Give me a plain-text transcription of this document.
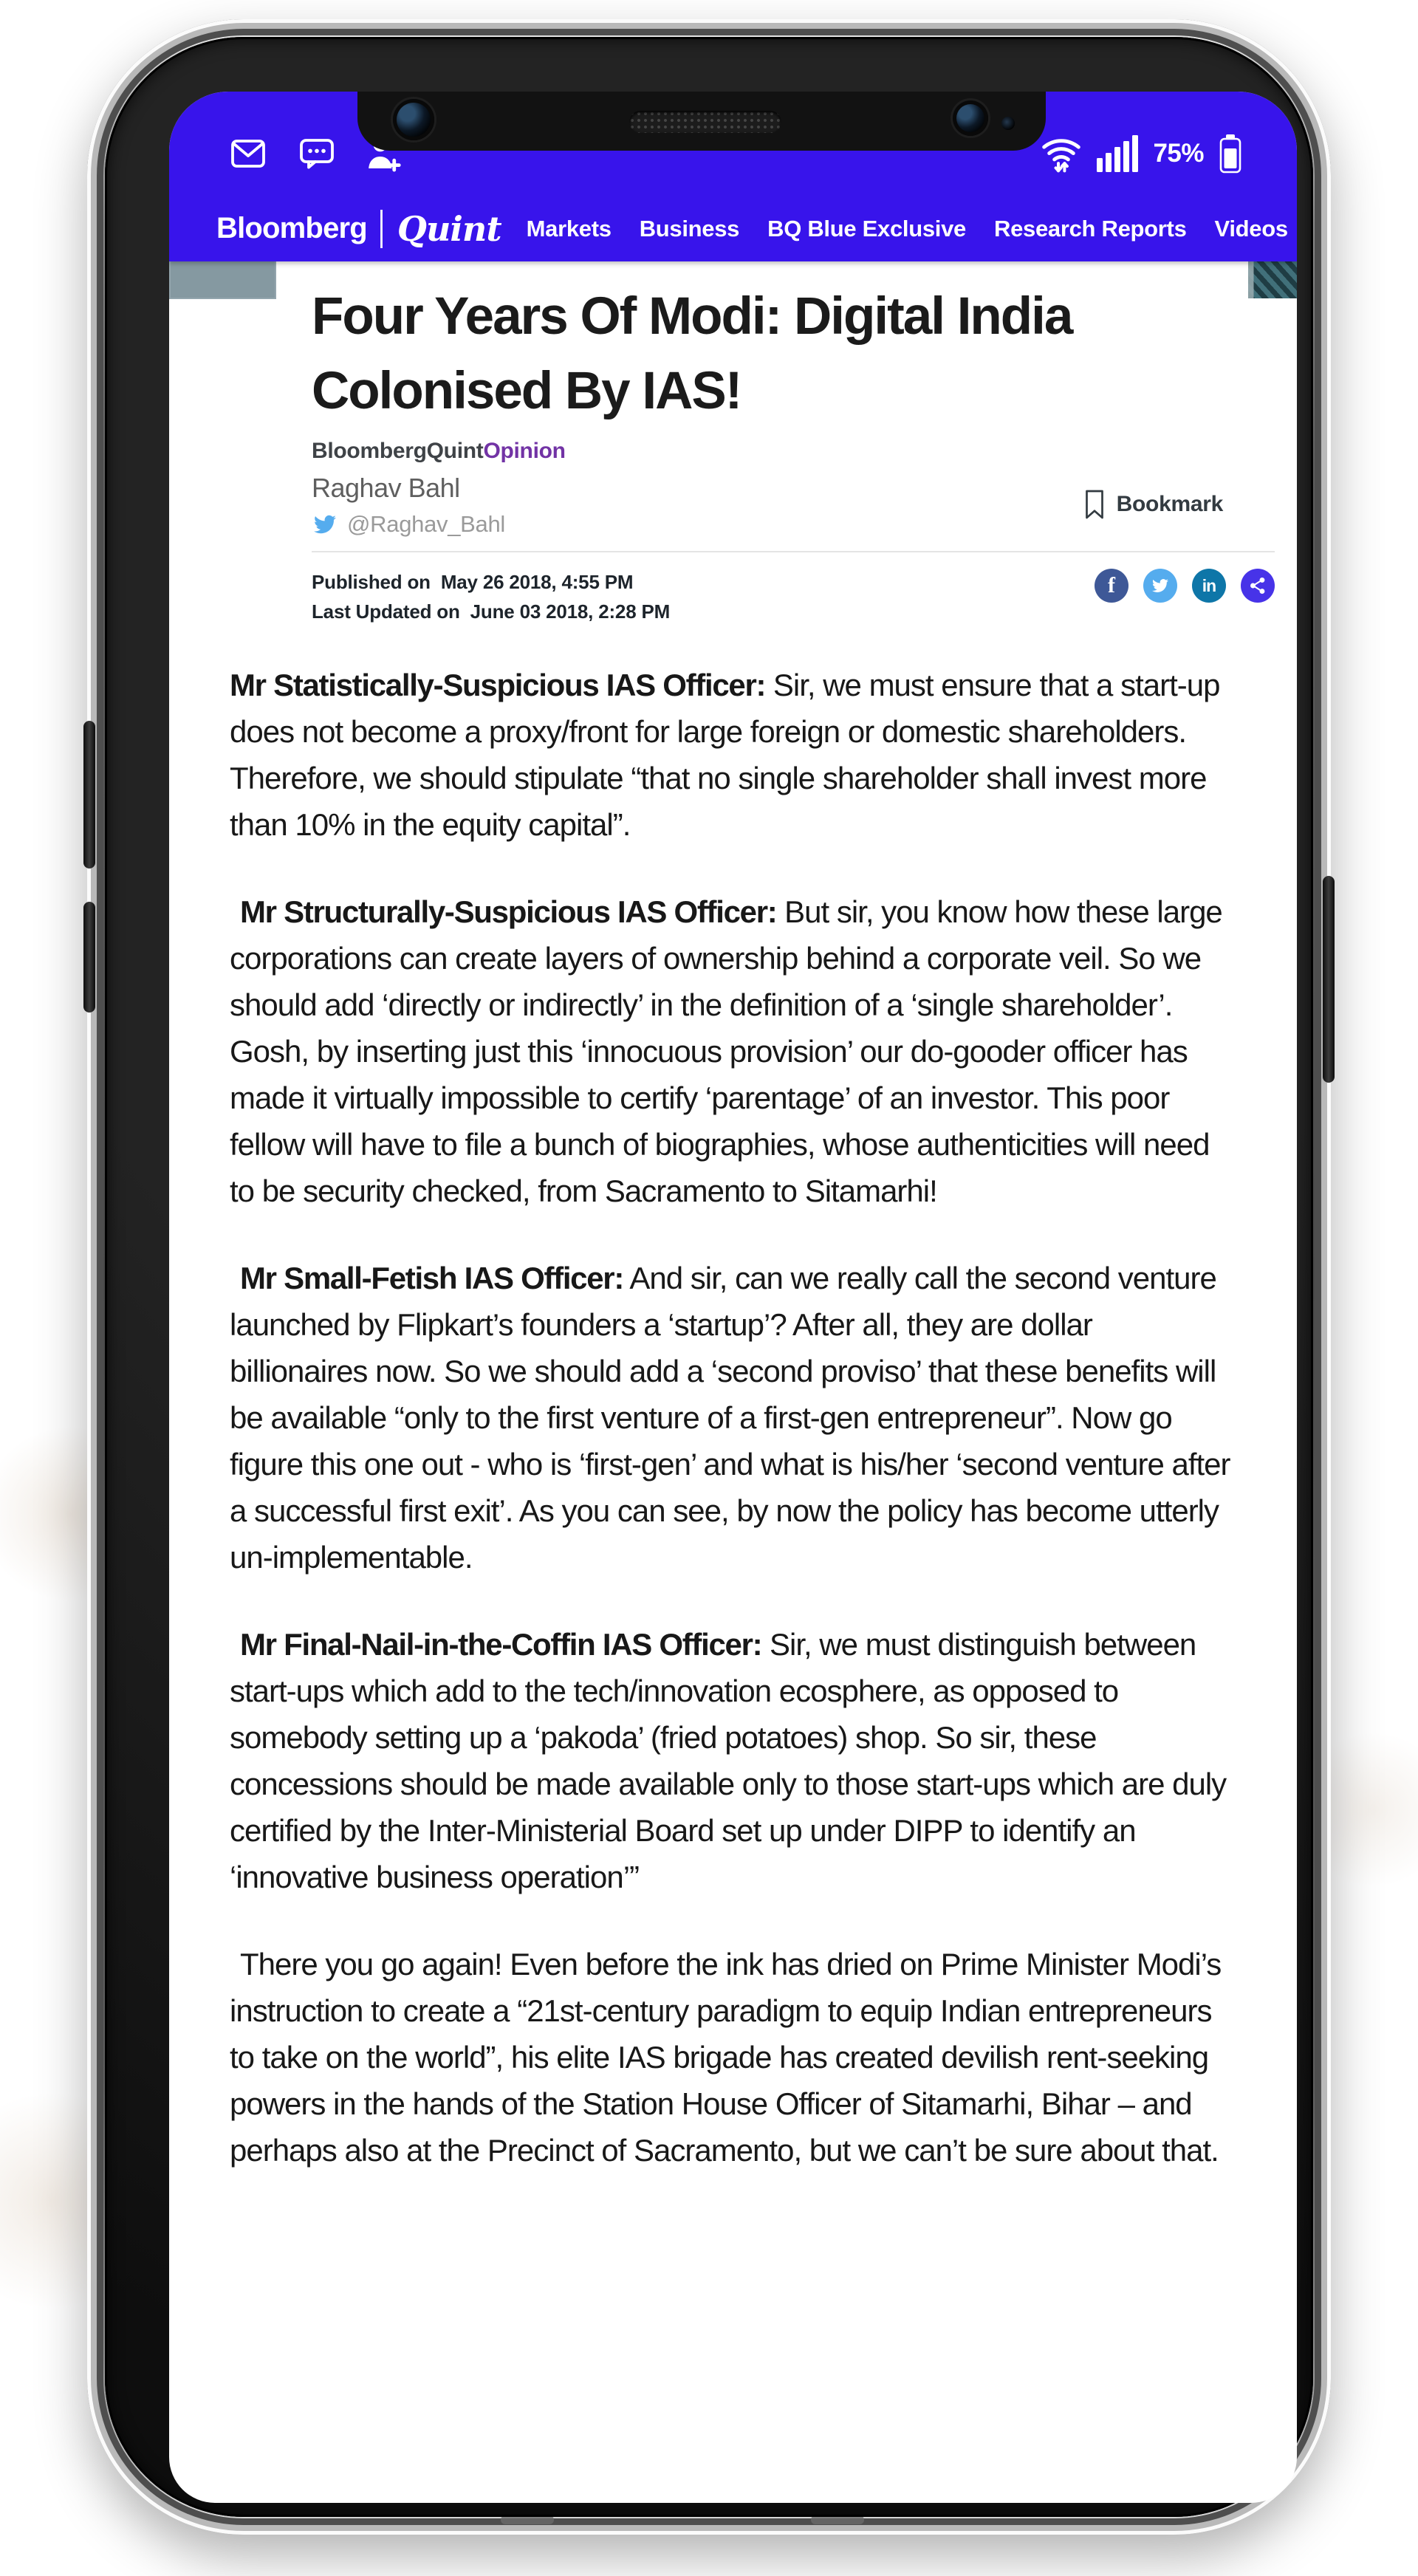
75%
Bloomberg Quint Markets Business BQ Blue Exclusive Research Reports Videos
Four Years Of Modi: Digital India
Colonised By IAS!
BloombergQuintOpinion
Raghav Bahl
@Raghav_Bahl
Published on May 26 2018, 4:55 PM
Last Updated on June 03 2018, 2:28 PM
f
in
Bookmark

Mr Statistically-Suspicious IAS Officer: Sir, we must ensure that a start-up does not become a proxy/front for large foreign or domestic shareholders. Therefore, we should stipulate “that no single shareholder shall invest more than 10% in the equity capital”.

Mr Structurally-Suspicious IAS Officer: But sir, you know how these large corporations can create layers of ownership behind a corporate veil. So we should add ‘directly or indirectly’ in the definition of a ‘single shareholder’. Gosh, by inserting just this ‘innocuous provision’ our do-gooder officer has made it virtually impossible to certify ‘parentage’ of an investor. This poor fellow will have to file a bunch of biographies, whose authenticities will need to be security checked, from Sacramento to Sitamarhi!

Mr Small-Fetish IAS Officer: And sir, can we really call the second venture launched by Flipkart’s founders a ‘startup’? After all, they are dollar billionaires now. So we should add a ‘second proviso’ that these benefits will be available “only to the first venture of a first-gen entrepreneur”. Now go figure this one out - who is ‘first-gen’ and what is his/her ‘second venture after a successful first exit’. As you can see, by now the policy has become utterly un-implementable.

Mr Final-Nail-in-the-Coffin IAS Officer: Sir, we must distinguish between start-ups which add to the tech/innovation ecosphere, as opposed to somebody setting up a ‘pakoda’ (fried potatoes) shop. So sir, these concessions should be made available only to those start-ups which are duly certified by the Inter-Ministerial Board set up under DIPP to identify an ‘innovative business operation’”

There you go again! Even before the ink has dried on Prime Minister Modi’s instruction to create a “21st-century paradigm to equip Indian entrepreneurs to take on the world”, his elite IAS brigade has created devilish rent-seeking powers in the hands of the Station House Officer of Sitamarhi, Bihar – and perhaps also at the Precinct of Sacramento, but we can’t be sure about that.
